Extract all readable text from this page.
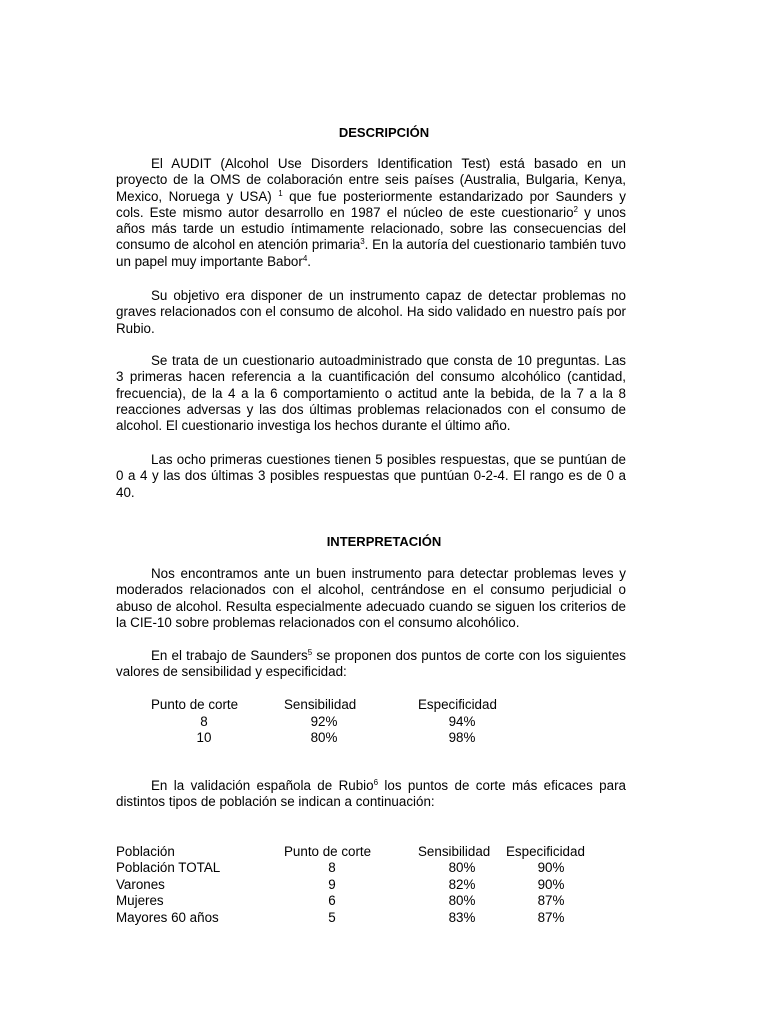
DESCRIPCIÓN

El AUDIT (Alcohol Use Disorders Identification Test) está basado en un proyecto de la OMS de colaboración entre seis países (Australia, Bulgaria, Kenya, Mexico, Noruega y USA) $^1$ que fue posteriormente estandarizado por Saunders y cols. Este mismo autor desarrollo en 1987 el núcleo de este cuestionario$^2$ y unos años más tarde un estudio íntimamente relacionado, sobre las consecuencias del consumo de alcohol en atención primaria$^3$. En la autoría del cuestionario también tuvo un papel muy importante Babor$^4$.

Su objetivo era disponer de un instrumento capaz de detectar problemas no graves relacionados con el consumo de alcohol. Ha sido validado en nuestro país por Rubio.

Se trata de un cuestionario autoadministrado que consta de 10 preguntas. Las 3 primeras hacen referencia a la cuantificación del consumo alcohólico (cantidad, frecuencia), de la 4 a la 6 comportamiento o actitud ante la bebida, de la 7 a la 8 reacciones adversas y las dos últimas problemas relacionados con el consumo de alcohol. El cuestionario investiga los hechos durante el último año.

Las ocho primeras cuestiones tienen 5 posibles respuestas, que se puntúan de 0 a 4 y las dos últimas 3 posibles respuestas que puntúan 0-2-4. El rango es de 0 a 40.

INTERPRETACIÓN

Nos encontramos ante un buen instrumento para detectar problemas leves y moderados relacionados con el alcohol, centrándose en el consumo perjudicial o abuso de alcohol. Resulta especialmente adecuado cuando se siguen los criterios de la CIE-10 sobre problemas relacionados con el consumo alcohólico.

En el trabajo de Saunders$^5$ se proponen dos puntos de corte con los siguientes valores de sensibilidad y especificidad:

Punto de corte	Sensibilidad	Especificidad
8	92%	94%
10	80%	98%

En la validación española de Rubio$^6$ los puntos de corte más eficaces para distintos tipos de población se indican a continuación:

Población	Punto de corte	Sensibilidad Especificidad
Población TOTAL	8	80%	90%
Varones	9	82%	90%
Mujeres	6	80%	87%
Mayores 60 años	5	83%	87%
